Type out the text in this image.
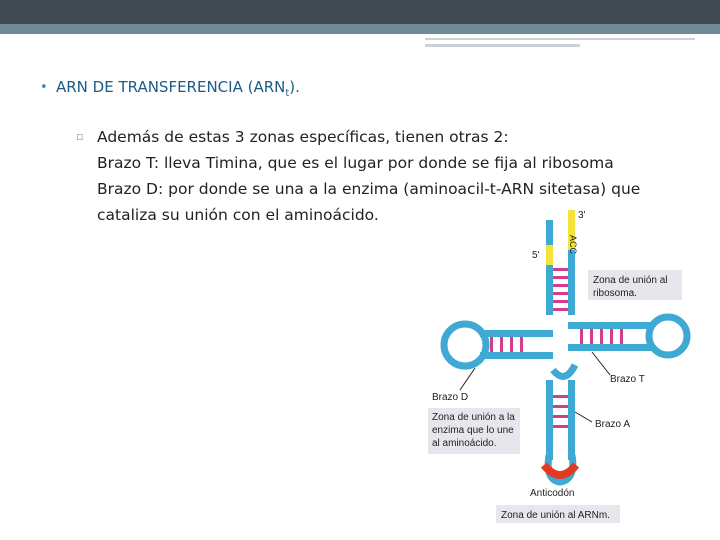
• ARN DE TRANSFERENCIA $(ARN_t)$.
▫ Además de estas 3 zonas específicas, tienen otras 2:
Brazo T: lleva Timina, que es el lugar por donde se fija al ribosoma
Brazo D: por donde se una a la enzima (aminoacil-t-ARN sitetasa) que
cataliza su unión con el aminoácido.
ACC
3'
5'
Zona de unión al
ribosoma.
Brazo T
Brazo D
Brazo A
Zona de unión a la
enzima que lo une
al aminoácido.
Anticodón
Zona de unión al ARNm.
